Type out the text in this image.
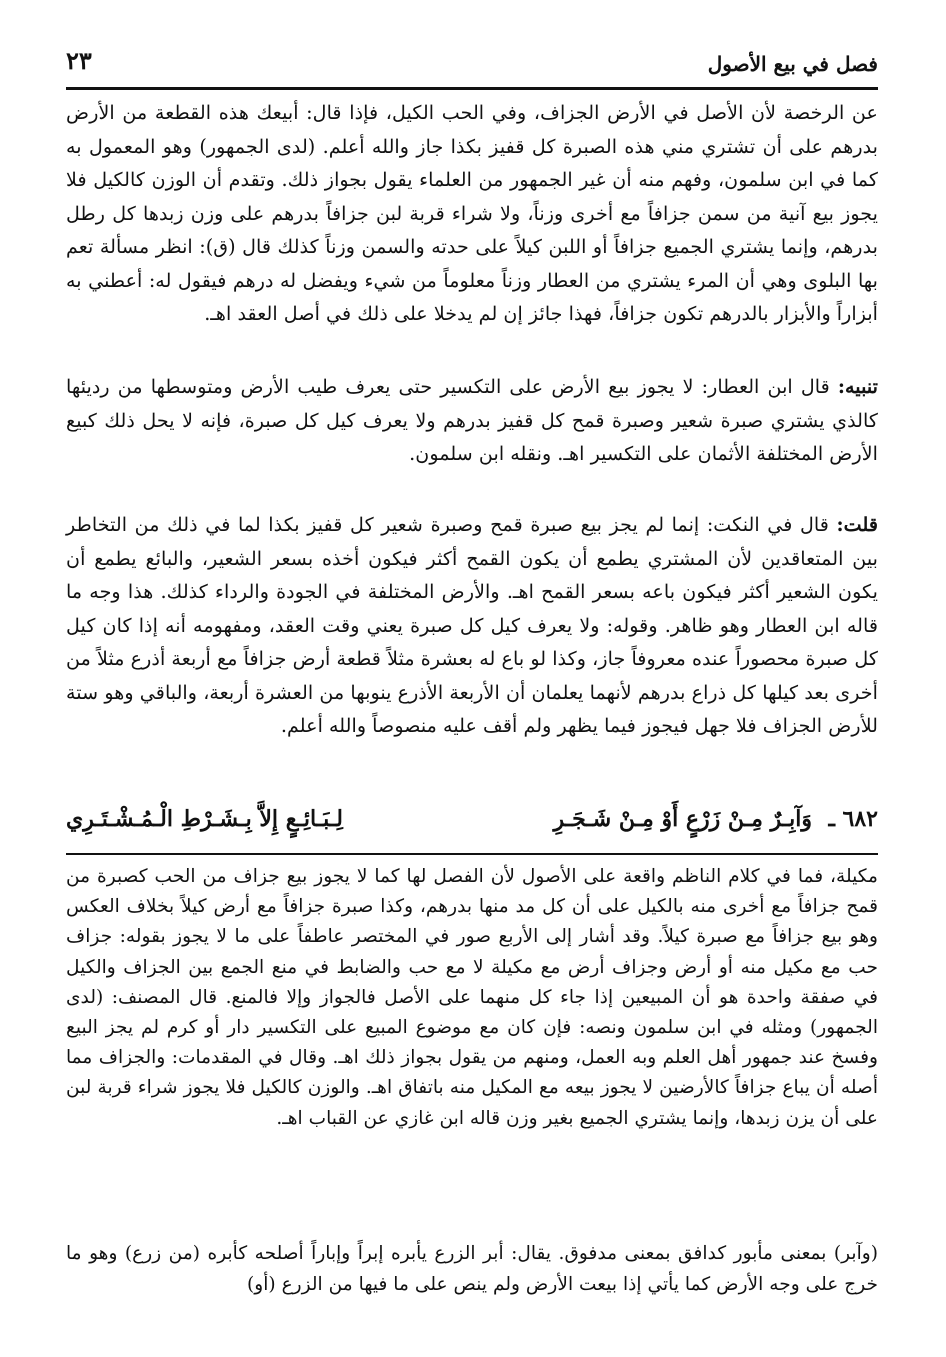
فصل في بيع الأصول
٢٣

عن الرخصة لأن الأصل في الأرض الجزاف، وفي الحب الكيل، فإذا قال: أبيعك هذه القطعة من الأرض بدرهم على أن تشتري مني هذه الصبرة كل قفيز بكذا جاز والله أعلم. (لدى الجمهور) وهو المعمول به كما في ابن سلمون، وفهم منه أن غير الجمهور من العلماء يقول بجواز ذلك. وتقدم أن الوزن كالكيل فلا يجوز بيع آنية من سمن جزافاً مع أخرى وزناً، ولا شراء قربة لبن جزافاً بدرهم على وزن زبدها كل رطل بدرهم، وإنما يشتري الجميع جزافاً أو اللبن كيلاً على حدته والسمن وزناً كذلك قال (ق): انظر مسألة تعم بها البلوى وهي أن المرء يشتري من العطار وزناً معلوماً من شيء ويفضل له درهم فيقول له: أعطني به أبزاراً والأبزار بالدرهم تكون جزافاً، فهذا جائز إن لم يدخلا على ذلك في أصل العقد اهـ.

تنبيه: قال ابن العطار: لا يجوز بيع الأرض على التكسير حتى يعرف طيب الأرض ومتوسطها من رديئها كالذي يشتري صبرة شعير وصبرة قمح كل قفيز بدرهم ولا يعرف كيل كل صبرة، فإنه لا يحل ذلك كبيع الأرض المختلفة الأثمان على التكسير اهـ. ونقله ابن سلمون.

قلت: قال في النكت: إنما لم يجز بيع صبرة قمح وصبرة شعير كل قفيز بكذا لما في ذلك من التخاطر بين المتعاقدين لأن المشتري يطمع أن يكون القمح أكثر فيكون أخذه بسعر الشعير، والبائع يطمع أن يكون الشعير أكثر فيكون باعه بسعر القمح اهـ. والأرض المختلفة في الجودة والرداء كذلك. هذا وجه ما قاله ابن العطار وهو ظاهر. وقوله: ولا يعرف كيل كل صبرة يعني وقت العقد، ومفهومه أنه إذا كان كيل كل صبرة محصوراً عنده معروفاً جاز، وكذا لو باع له بعشرة مثلاً قطعة أرض جزافاً مع أربعة أذرع مثلاً من أخرى بعد كيلها كل ذراع بدرهم لأنهما يعلمان أن الأربعة الأذرع ينوبها من العشرة أربعة، والباقي وهو ستة للأرض الجزاف فلا جهل فيجوز فيما يظهر ولم أقف عليه منصوصاً والله أعلم.

٦٨٢ ـ
وَآبِـرٌ مِـنْ زَرْعٍ أَوْ مِـنْ شَـجَـرِ
لِـبَـائِـعٍ إِلاَّ بِـشَـرْطِ الْـمُـشْـتَـرِي

مكيلة، فما في كلام الناظم واقعة على الأصول لأن الفصل لها كما لا يجوز بيع جزاف من الحب كصبرة من قمح جزافاً مع أخرى منه بالكيل على أن كل مد منها بدرهم، وكذا صبرة جزافاً مع أرض كيلاً بخلاف العكس وهو بيع جزافاً مع صبرة كيلاً. وقد أشار إلى الأربع صور في المختصر عاطفاً على ما لا يجوز بقوله: جزاف حب مع مكيل منه أو أرض وجزاف أرض مع مكيلة لا مع حب والضابط في منع الجمع بين الجزاف والكيل في صفقة واحدة هو أن المبيعين إذا جاء كل منهما على الأصل فالجواز وإلا فالمنع. قال المصنف: (لدى الجمهور) ومثله في ابن سلمون ونصه: فإن كان مع موضوع المبيع على التكسير دار أو كرم لم يجز البيع وفسخ عند جمهور أهل العلم وبه العمل، ومنهم من يقول بجواز ذلك اهـ. وقال في المقدمات: والجزاف مما أصله أن يباع جزافاً كالأرضين لا يجوز بيعه مع المكيل منه باتفاق اهـ. والوزن كالكيل فلا يجوز شراء قربة لبن على أن يزن زبدها، وإنما يشتري الجميع بغير وزن قاله ابن غازي عن القباب اهـ.

(وآبر) بمعنى مأبور كدافق بمعنى مدفوق. يقال: أبر الزرع يأبره إبراً وإباراً أصلحه كأبره (من زرع) وهو ما خرج على وجه الأرض كما يأتي إذا بيعت الأرض ولم ينص على ما فيها من الزرع (أو)
